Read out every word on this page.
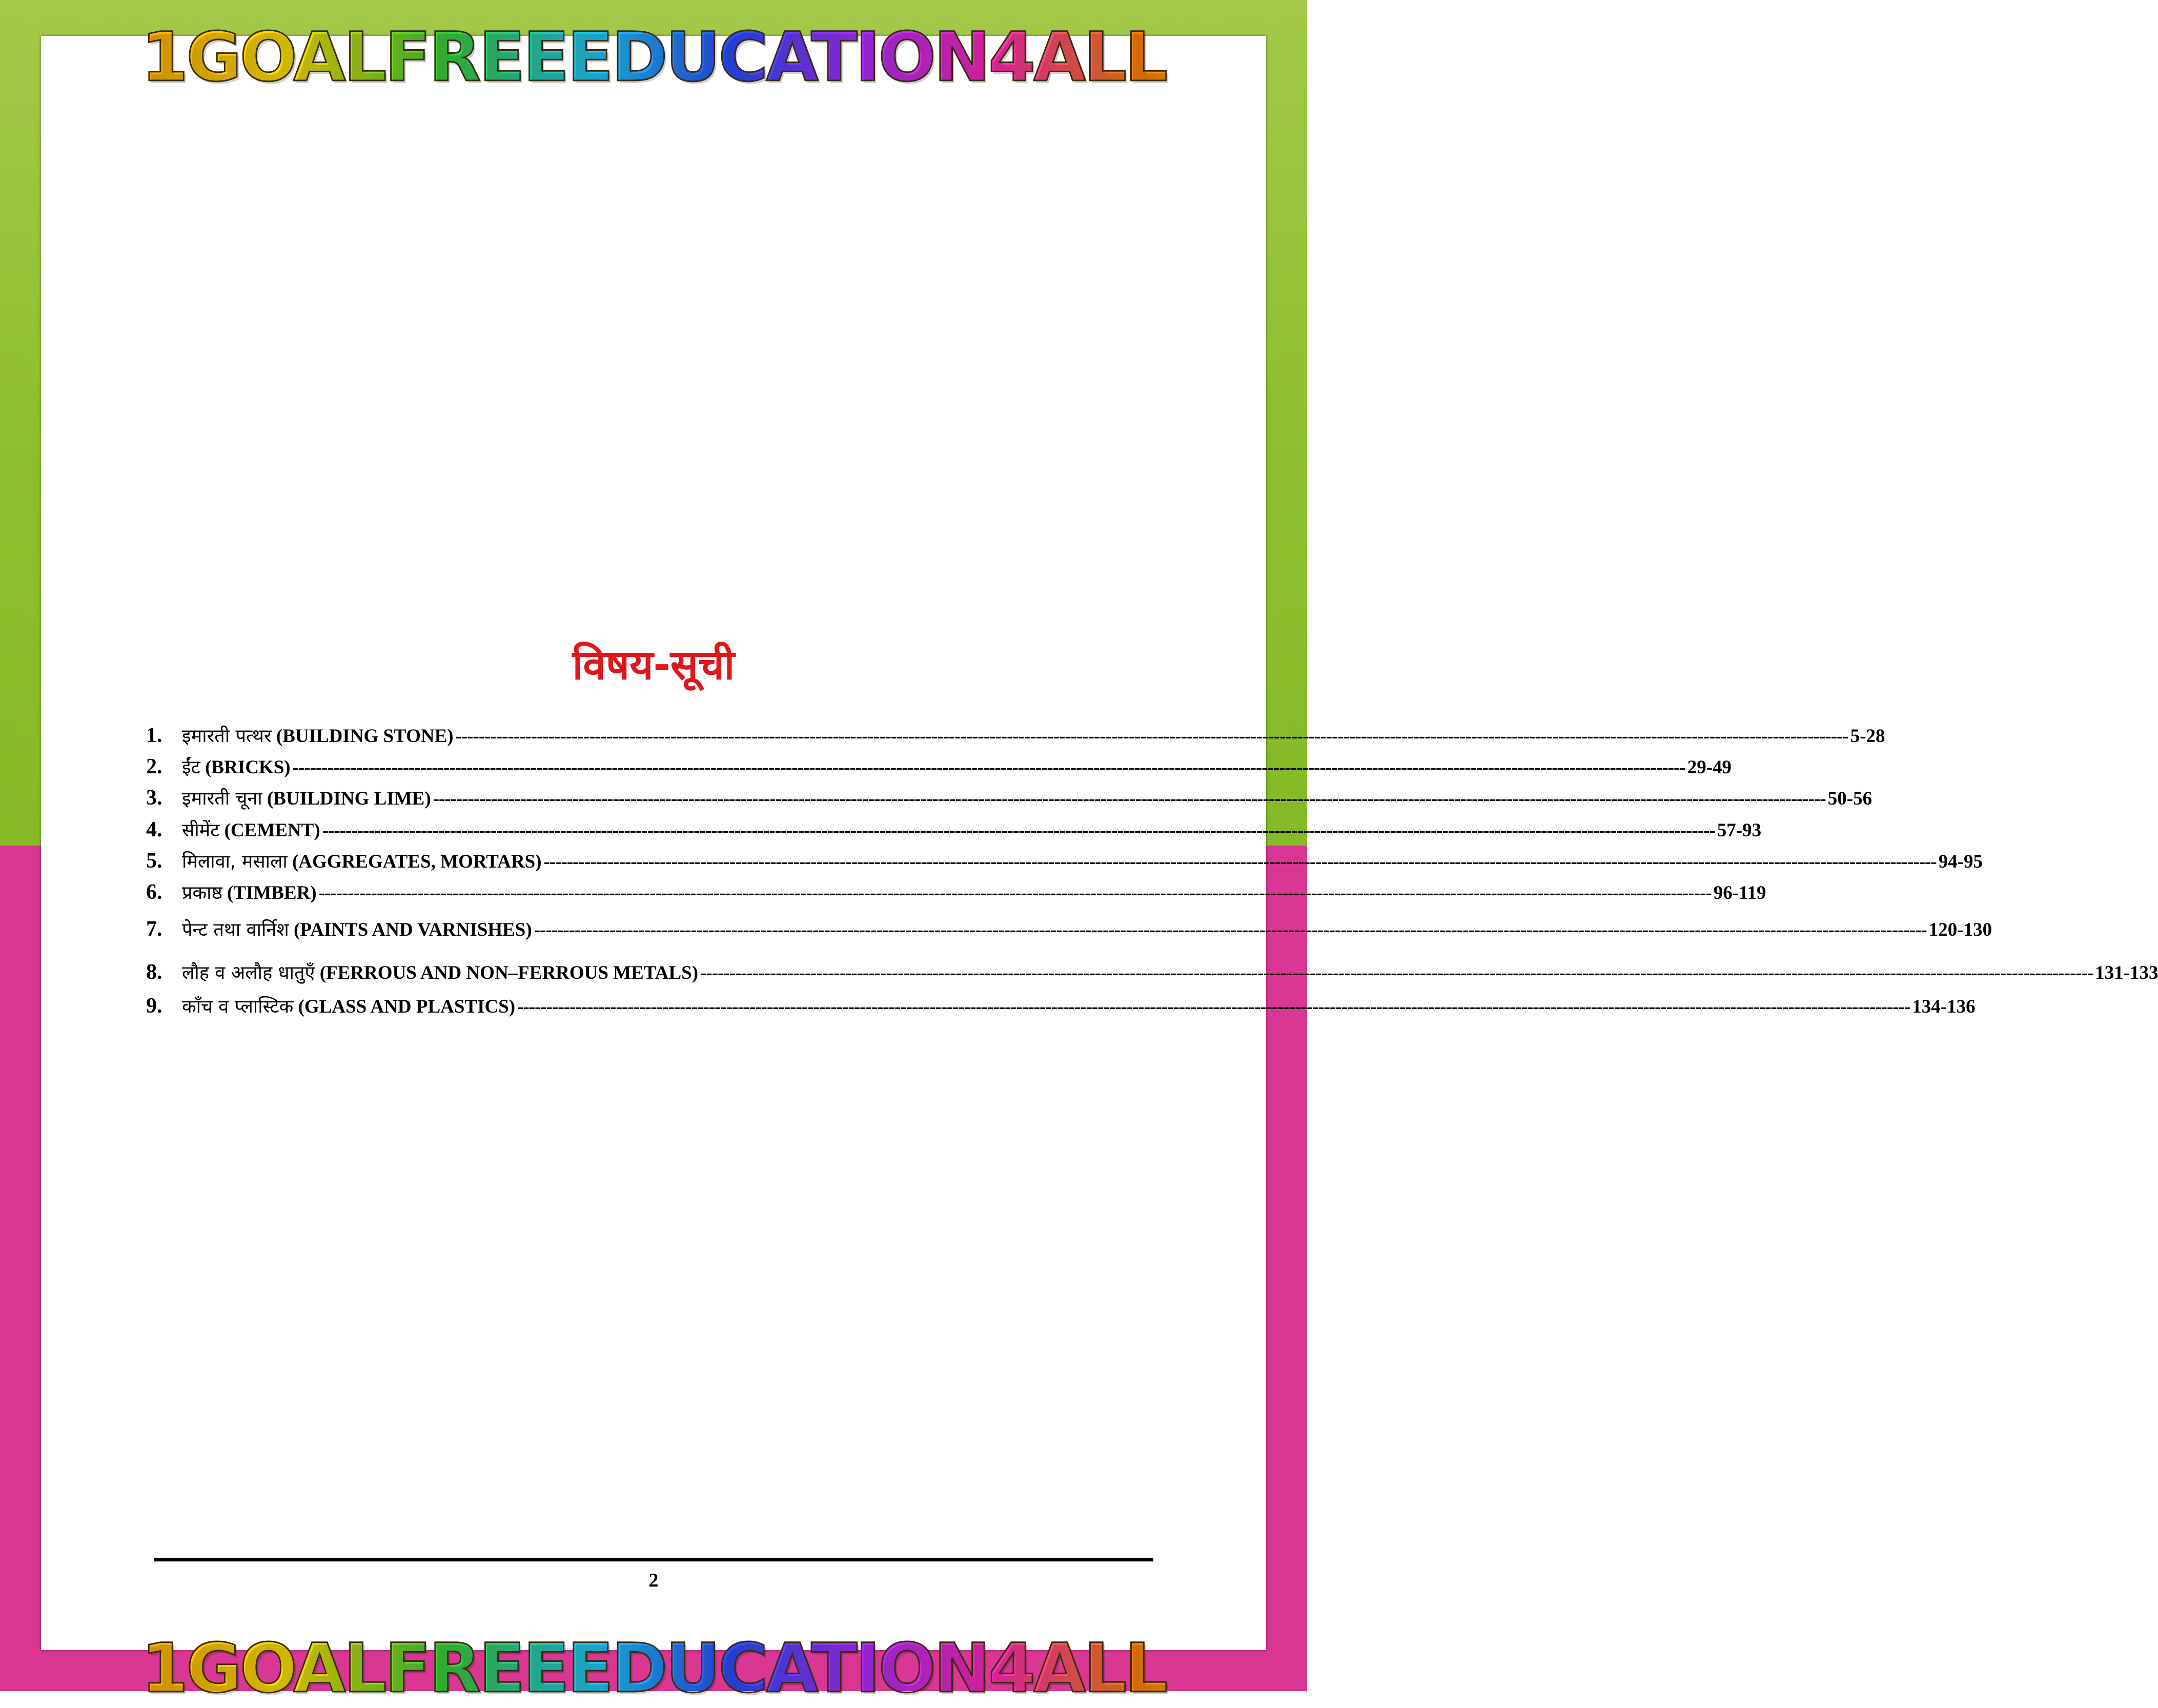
1GOALFREEEDUCATION4ALL
विषय-सूची
1.	इमारती पत्थर (BUILDING STONE) ------------------------------------------------------------------------------------------------------------------------------------------------------------------------------------------------------------------------------------------------ 5-28
2.	ईंट (BRICKS) ------------------------------------------------------------------------------------------------------------------------------------------------------------------------------------------------------------------------------------------------ 29-49
3.	इमारती चूना (BUILDING LIME) ------------------------------------------------------------------------------------------------------------------------------------------------------------------------------------------------------------------------------------------------ 50-56
4.	सीमेंट (CEMENT) ------------------------------------------------------------------------------------------------------------------------------------------------------------------------------------------------------------------------------------------------ 57-93
5.	मिलावा, मसाला (AGGREGATES, MORTARS) ------------------------------------------------------------------------------------------------------------------------------------------------------------------------------------------------------------------------------------------------ 94-95
6.	प्रकाष्ठ (TIMBER) ------------------------------------------------------------------------------------------------------------------------------------------------------------------------------------------------------------------------------------------------ 96-119
7.	पेन्ट तथा वार्निश (PAINTS AND VARNISHES) ------------------------------------------------------------------------------------------------------------------------------------------------------------------------------------------------------------------------------------------------ 120-130
8.	लौह व अलौह धातुएँ (FERROUS AND NON–FERROUS METALS) ------------------------------------------------------------------------------------------------------------------------------------------------------------------------------------------------------------------------------------------------ 131-133
9.	काँच व प्लास्टिक (GLASS AND PLASTICS) ------------------------------------------------------------------------------------------------------------------------------------------------------------------------------------------------------------------------------------------------ 134-136
2
1GOALFREEEDUCATION4ALL
